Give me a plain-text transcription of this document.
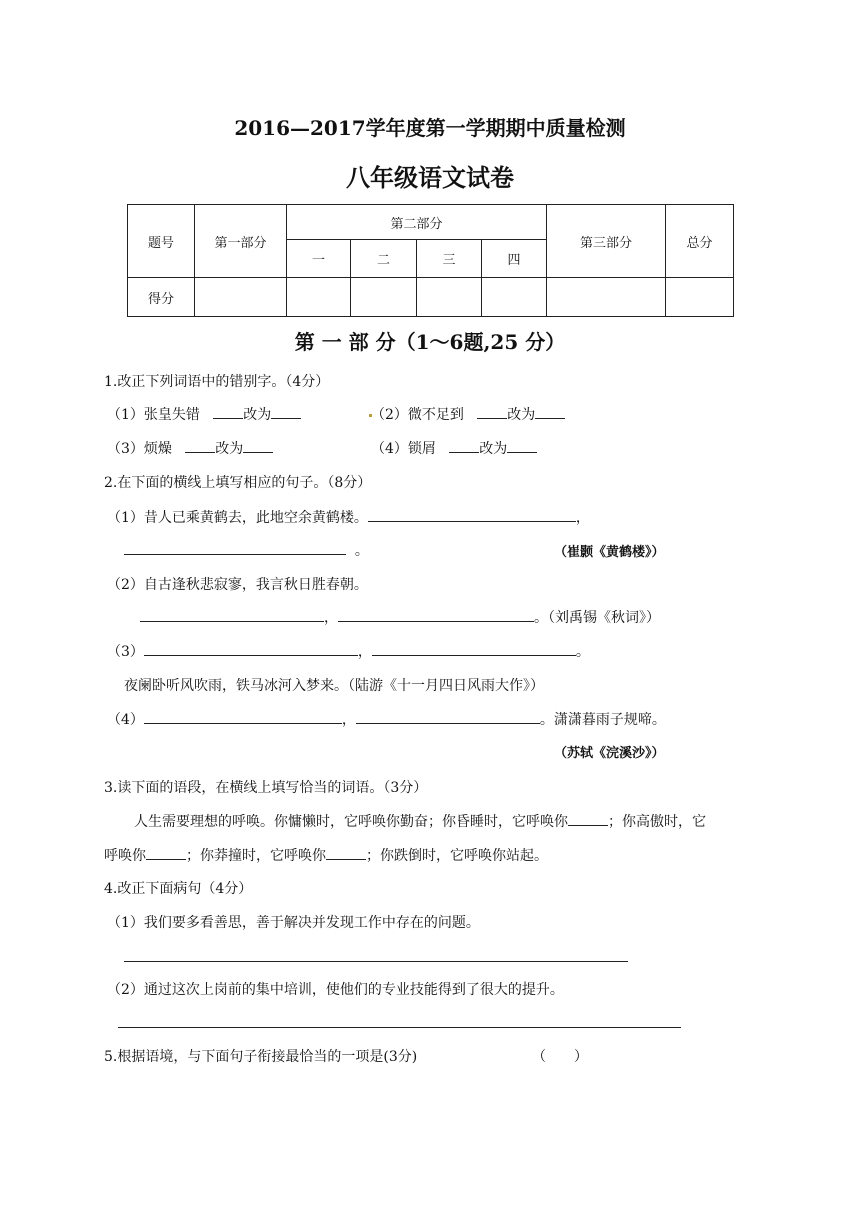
2016—2017学年度第一学期期中质量检测
八年级语文试卷
题号	第一部分	第二部分				第三部分	总分
		一	二	三	四		
得分							
第 一 部 分（1～6题,25 分）
1.改正下列词语中的错别字。（4分）
（1）张皇失错	改为	（2）微不足到	改为
（3）烦燥	改为	（4）锁屑	改为
2.在下面的横线上填写相应的句子。（8分）
（1）昔人已乘黄鹤去，此地空余黄鹤楼。	，
。	（崔颢《黄鹤楼》）
（2）自古逢秋悲寂寥，我言秋日胜春朝。
，	。（刘禹锡《秋词》）
（3）	，	。
夜阑卧听风吹雨，铁马冰河入梦来。（陆游《十一月四日风雨大作》）
（4）	，	。潇潇暮雨子规啼。
（苏轼《浣溪沙》）
3.读下面的语段，在横线上填写恰当的词语。（3分）
人生需要理想的呼唤。你慵懒时，它呼唤你勤奋；你昏睡时，它呼唤你	；你高傲时，它
呼唤你	；你莽撞时，它呼唤你	；你跌倒时，它呼唤你站起。
4.改正下面病句（4分）
（1）我们要多看善思，善于解决并发现工作中存在的问题。
（2）通过这次上岗前的集中培训，使他们的专业技能得到了很大的提升。
5.根据语境，与下面句子衔接最恰当的一项是(3分)	（　　）
